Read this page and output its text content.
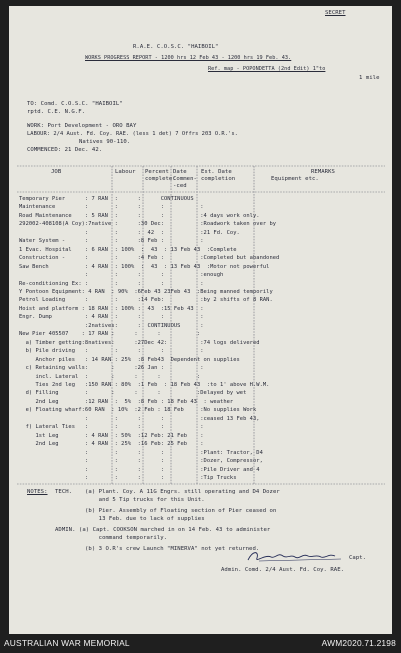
SECRET
R.A.E. C.O.S.C. "HAIBOIL"
WORKS PROGRESS REPORT - 1200 hrs 12 Feb 43 - 1200 hrs 19 Feb. 43.
Ref. map - POPONDETTA (2nd Edit) 1"to
1 mile
TO: Comd. C.O.S.C. "HAIBOIL"
rptd. C.E. N.G.F.
WORK: Port Development - ORO BAY
LABOUR: 2/4 Aust. Fd. Coy. RAE. (less 1 det) 7 Offrs 203 O.R.'s.
Natives 90-110.
COMMENCED: 21 Dec. 42.
JOB	Labour Percent Date	Est. Date	REMARKS
complete:
Commen- completion	Equipment etc.
-ced
Temporary Pier      : 7 RAN  :      :      CONTINUOUS
Maintenance         :        :      :      :           :
Road Maintenance    : 5 RAN  :      :      :           :4 days work only.
292002-408108(A Coy):7native :      :30 Dec:           :Roadwork taken over by
:        :      :  42  :           :21 Fd. Coy.
Water System -      :        :      :8 Feb :           :
1 Evac. Hospital    : 6 RAN  : 100%  :  43  : 13 Feb 43  :Complete
Construction -      :        :      :4 Feb :           :Completed but abandoned
Saw Bench           : 4 RAN  : 100%  :  43  : 13 Feb 43  :Motor not powerful
:        :      :      :           :enough
Re-conditioning Ex: :        :      :      :           :
Y Pontoon Equipment: 4 RAN  : 90%  :6Feb 43 23Feb 43  :Being manned temporily
Petrol Loading      :        :      :14 Feb:           :by 2 shifts of 8 RAN.
Hoist and platform : 18 RAN  : 100% :  43  :15 Feb 43  :
Engr. Dump          : 4 RAN  :      :      :           :
:2natives:      :  CONTINUOUS      :
New Pier 405507    : 17 RAN :      :      :           :
a) Timber getting:8natives:      :27Dec 42:          :74 logs delivered
b) Pile driving   :        :      :      :           :
Anchor piles   : 14 RAN : 25%  :8 Feb43  Dependent on supplies
c) Retaining walls:       :      :26 Jan :           :
incl. Lateral  :       :      :      :           :
Ties 2nd leg   :150 RAN : 80%  :1 Feb  : 18 Feb 43  :to 1' above H.W.M.
d) Filling        :       :      :      :           :Delayed by wet
2nd Leg        :12 RAN  :  5%  :8 Feb : 18 Feb 43  : weather
e) Floating wharf:60 RAN  : 10%  :2 Feb : 18 Feb     :No supplies Work
:        :      :      :           :ceased 13 Feb 43,
f) Lateral Ties   :        :      :      :           :
1st Leg        : 4 RAN  : 50%  :12 Feb: 21 Feb    :
2nd Leg        : 4 RAN  : 25%  :16 Feb: 25 Feb    :
:        :      :      :           :Plant: Tractor, D4
:        :      :      :           :Dozer, Compressor,
:        :      :      :           :Pile Driver and 4
:        :      :      :           :Tip Trucks
NOTES: TECH. (a) Plant. Coy. A 11G Engrs. still operating and D4 Dozer
and 5 Tip trucks for this Unit.
(b) Pier. Assembly of Floating section of Pier ceased on
13 Feb. due to lack of supplies
ADMIN. (a) Capt. COOKSON marched in on 14 Feb. 43 to administer
command temporarily.
(b) 3 O.R's crew Launch "MINERVA" not yet returned.
Capt.
Admin. Comd. 2/4 Aust. Fd. Coy. RAE.
AUSTRALIAN WAR MEMORIAL	AWM2020.71.2198
